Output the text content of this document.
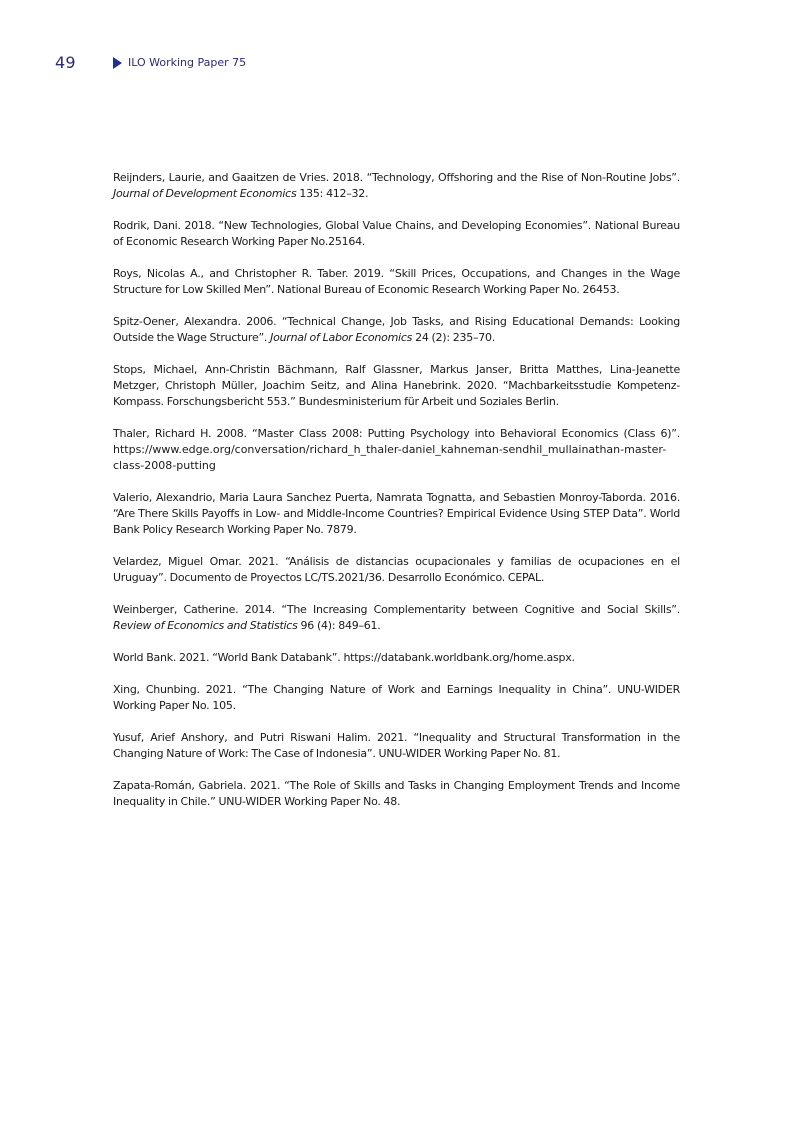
49	ILO Working Paper 75

Reijnders, Laurie, and Gaaitzen de Vries. 2018. “Technology, Offshoring and the Rise of Non-Routine Jobs”. Journal of Development Economics 135: 412–32.

Rodrik, Dani. 2018. “New Technologies, Global Value Chains, and Developing Economies”. National Bureau of Economic Research Working Paper No.25164.

Roys, Nicolas A., and Christopher R. Taber. 2019. “Skill Prices, Occupations, and Changes in the Wage Structure for Low Skilled Men”. National Bureau of Economic Research Working Paper No. 26453.

Spitz-Oener, Alexandra. 2006. “Technical Change, Job Tasks, and Rising Educational Demands: Looking Outside the Wage Structure”. Journal of Labor Economics 24 (2): 235–70.

Stops, Michael, Ann-Christin Bächmann, Ralf Glassner, Markus Janser, Britta Matthes, Lina-Jeanette Metzger, Christoph Müller, Joachim Seitz, and Alina Hanebrink. 2020. “Machbarkeitsstudie Kompetenz-Kompass. Forschungsbericht 553.” Bundesministerium für Arbeit und Soziales Berlin.

Thaler, Richard H. 2008. “Master Class 2008: Putting Psychology into Behavioral Economics (Class 6)”. https://www.edge.org/conversation/richard_h_thaler-daniel_kahneman-sendhil_mullainathan-master-class-2008-putting

Valerio, Alexandrio, Maria Laura Sanchez Puerta, Namrata Tognatta, and Sebastien Monroy-Taborda. 2016. “Are There Skills Payoffs in Low- and Middle-Income Countries? Empirical Evidence Using STEP Data”. World Bank Policy Research Working Paper No. 7879.

Velardez, Miguel Omar. 2021. “Análisis de distancias ocupacionales y familias de ocupaciones en el Uruguay”. Documento de Proyectos LC/TS.2021/36. Desarrollo Económico. CEPAL.

Weinberger, Catherine. 2014. “The Increasing Complementarity between Cognitive and Social Skills”. Review of Economics and Statistics 96 (4): 849–61.

World Bank. 2021. “World Bank Databank”. https://databank.worldbank.org/home.aspx.

Xing, Chunbing. 2021. “The Changing Nature of Work and Earnings Inequality in China”. UNU-WIDER Working Paper No. 105.

Yusuf, Arief Anshory, and Putri Riswani Halim. 2021. “Inequality and Structural Transformation in the Changing Nature of Work: The Case of Indonesia”. UNU-WIDER Working Paper No. 81.

Zapata-Román, Gabriela. 2021. “The Role of Skills and Tasks in Changing Employment Trends and Income Inequality in Chile.” UNU-WIDER Working Paper No. 48.
